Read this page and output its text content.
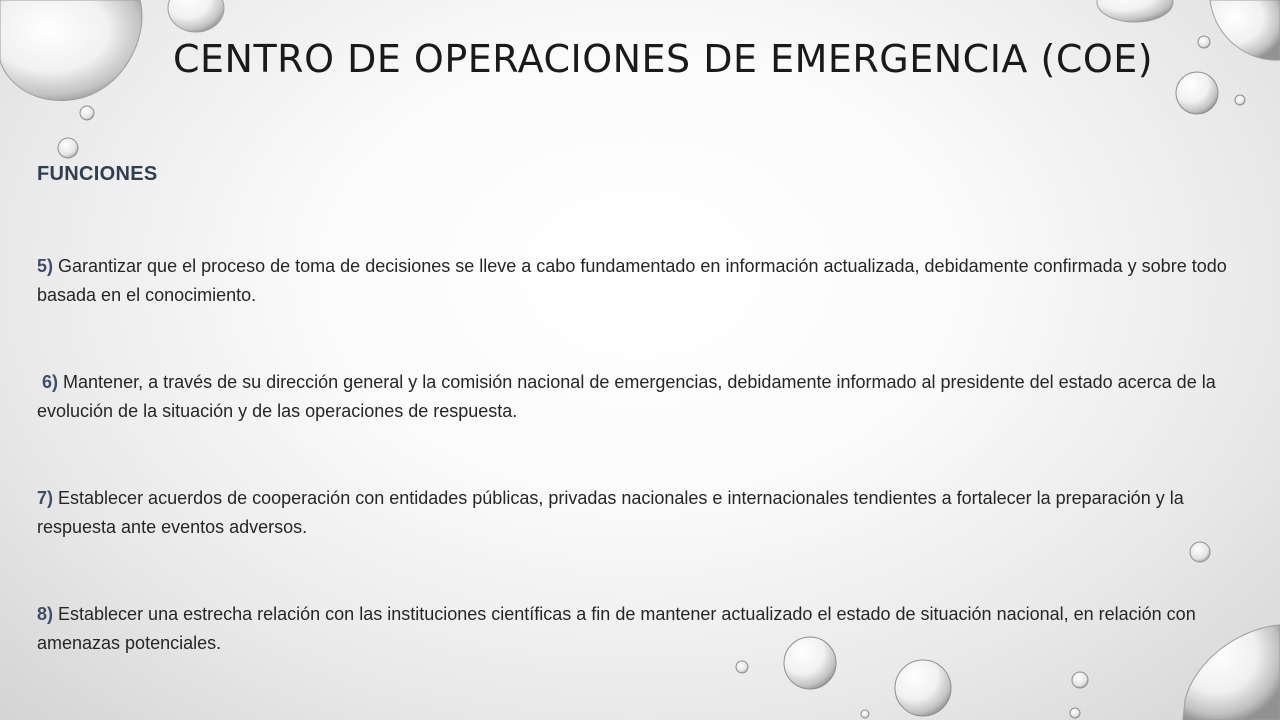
CENTRO DE OPERACIONES DE EMERGENCIA (COE)
FUNCIONES

5) Garantizar que el proceso de toma de decisiones se lleve a cabo fundamentado en información actualizada, debidamente confirmada y sobre todo basada en el conocimiento.

6) Mantener, a través de su dirección general y la comisión nacional de emergencias, debidamente informado al presidente del estado acerca de la evolución de la situación y de las operaciones de respuesta.

7) Establecer acuerdos de cooperación con entidades públicas, privadas nacionales e internacionales tendientes a fortalecer la preparación y la respuesta ante eventos adversos.

8) Establecer una estrecha relación con las instituciones científicas a fin de mantener actualizado el estado de situación nacional, en relación con amenazas potenciales.
